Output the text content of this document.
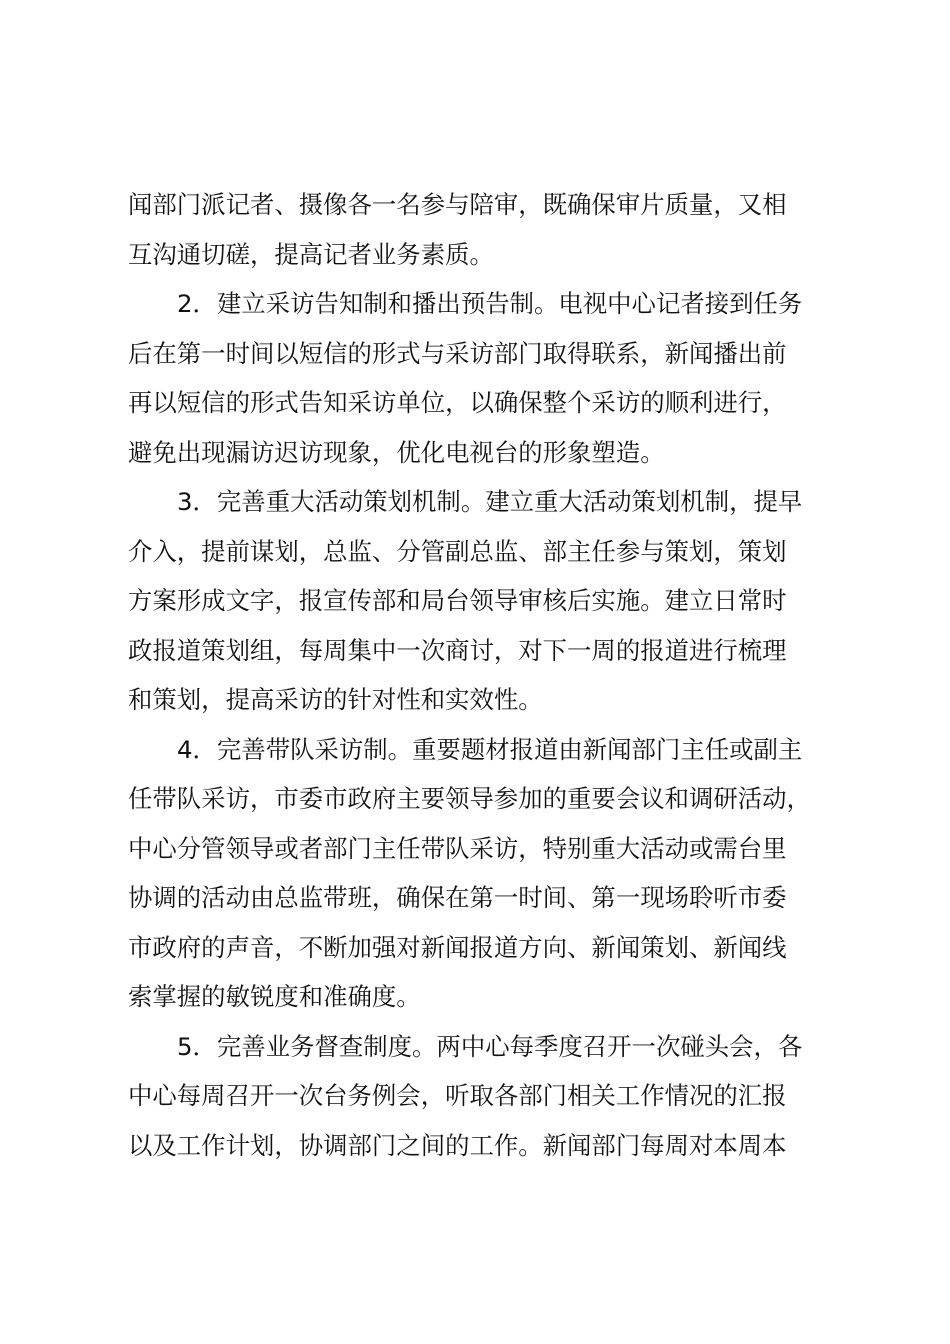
闻部门派记者、摄像各一名参与陪审，既确保审片质量，又相
互沟通切磋，提高记者业务素质。
2．建立采访告知制和播出预告制。电视中心记者接到任务
后在第一时间以短信的形式与采访部门取得联系，新闻播出前
再以短信的形式告知采访单位，以确保整个采访的顺利进行，
避免出现漏访迟访现象，优化电视台的形象塑造。
3．完善重大活动策划机制。建立重大活动策划机制，提早
介入，提前谋划，总监、分管副总监、部主任参与策划，策划
方案形成文字，报宣传部和局台领导审核后实施。建立日常时
政报道策划组，每周集中一次商讨，对下一周的报道进行梳理
和策划，提高采访的针对性和实效性。
4．完善带队采访制。重要题材报道由新闻部门主任或副主
任带队采访，市委市政府主要领导参加的重要会议和调研活动，
中心分管领导或者部门主任带队采访，特别重大活动或需台里
协调的活动由总监带班，确保在第一时间、第一现场聆听市委
市政府的声音，不断加强对新闻报道方向、新闻策划、新闻线
索掌握的敏锐度和准确度。
5．完善业务督查制度。两中心每季度召开一次碰头会，各
中心每周召开一次台务例会，听取各部门相关工作情况的汇报
以及工作计划，协调部门之间的工作。新闻部门每周对本周本
